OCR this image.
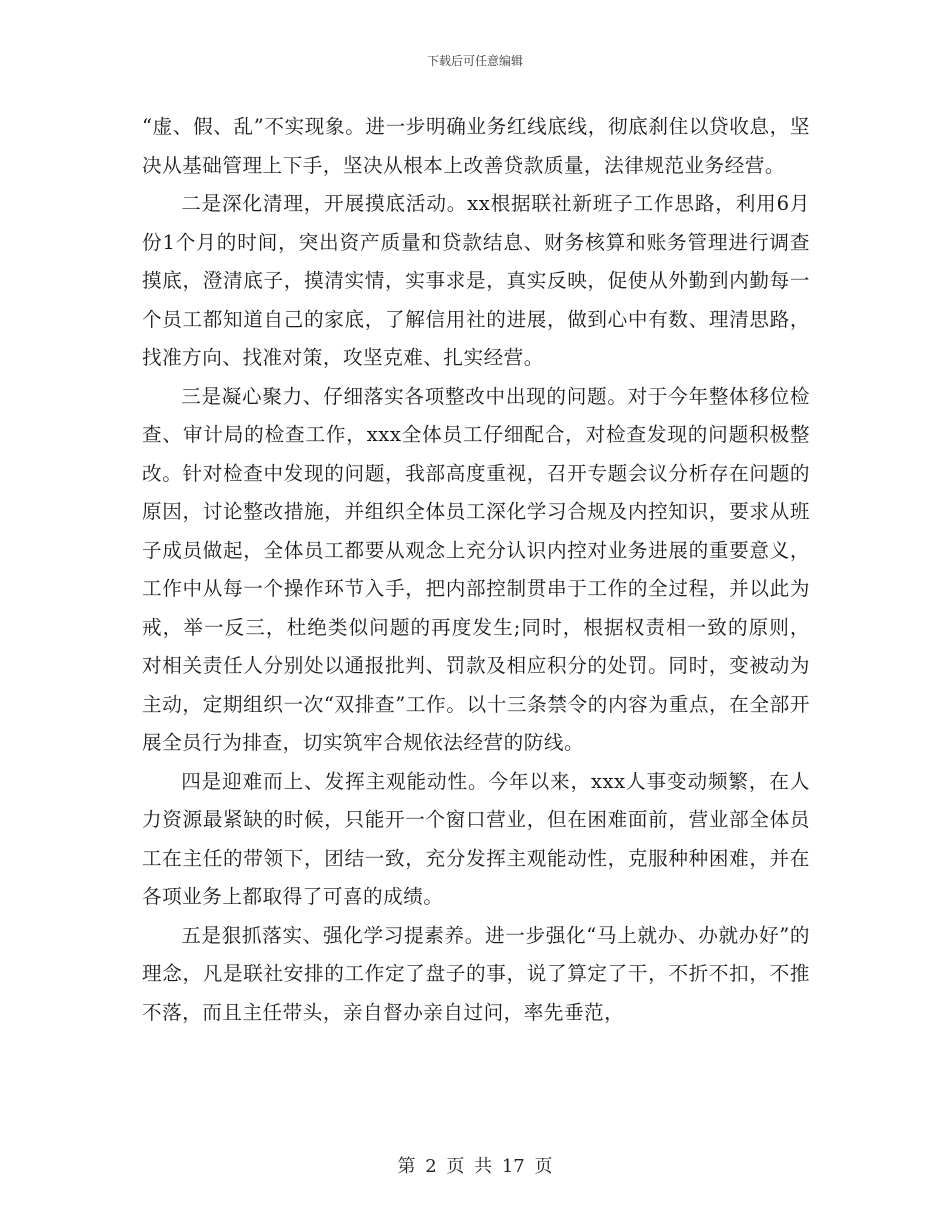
下载后可任意编辑

“虚、假、乱”不实现象。进一步明确业务红线底线，彻底刹住以贷收息，坚决从基础管理上下手，坚决从根本上改善贷款质量，法律规范业务经营。

二是深化清理，开展摸底活动。xx根据联社新班子工作思路，利用6月份1个月的时间，突出资产质量和贷款结息、财务核算和账务管理进行调查摸底，澄清底子，摸清实情，实事求是，真实反映，促使从外勤到内勤每一个员工都知道自己的家底，了解信用社的进展，做到心中有数、理清思路，找准方向、找准对策，攻坚克难、扎实经营。

三是凝心聚力、仔细落实各项整改中出现的问题。对于今年整体移位检查、审计局的检查工作，xxx全体员工仔细配合，对检查发现的问题积极整改。针对检查中发现的问题，我部高度重视，召开专题会议分析存在问题的原因，讨论整改措施，并组织全体员工深化学习合规及内控知识，要求从班子成员做起，全体员工都要从观念上充分认识内控对业务进展的重要意义，工作中从每一个操作环节入手，把内部控制贯串于工作的全过程，并以此为戒，举一反三，杜绝类似问题的再度发生;同时，根据权责相一致的原则，对相关责任人分别处以通报批判、罚款及相应积分的处罚。同时，变被动为主动，定期组织一次“双排查”工作。以十三条禁令的内容为重点，在全部开展全员行为排查，切实筑牢合规依法经营的防线。

四是迎难而上、发挥主观能动性。今年以来，xxx人事变动频繁，在人力资源最紧缺的时候，只能开一个窗口营业，但在困难面前，营业部全体员工在主任的带领下，团结一致，充分发挥主观能动性，克服种种困难，并在各项业务上都取得了可喜的成绩。

五是狠抓落实、强化学习提素养。进一步强化“马上就办、办就办好”的理念，凡是联社安排的工作定了盘子的事，说了算定了干，不折不扣，不推不落，而且主任带头，亲自督办亲自过问，率先垂范，

第 2 页 共 17 页
